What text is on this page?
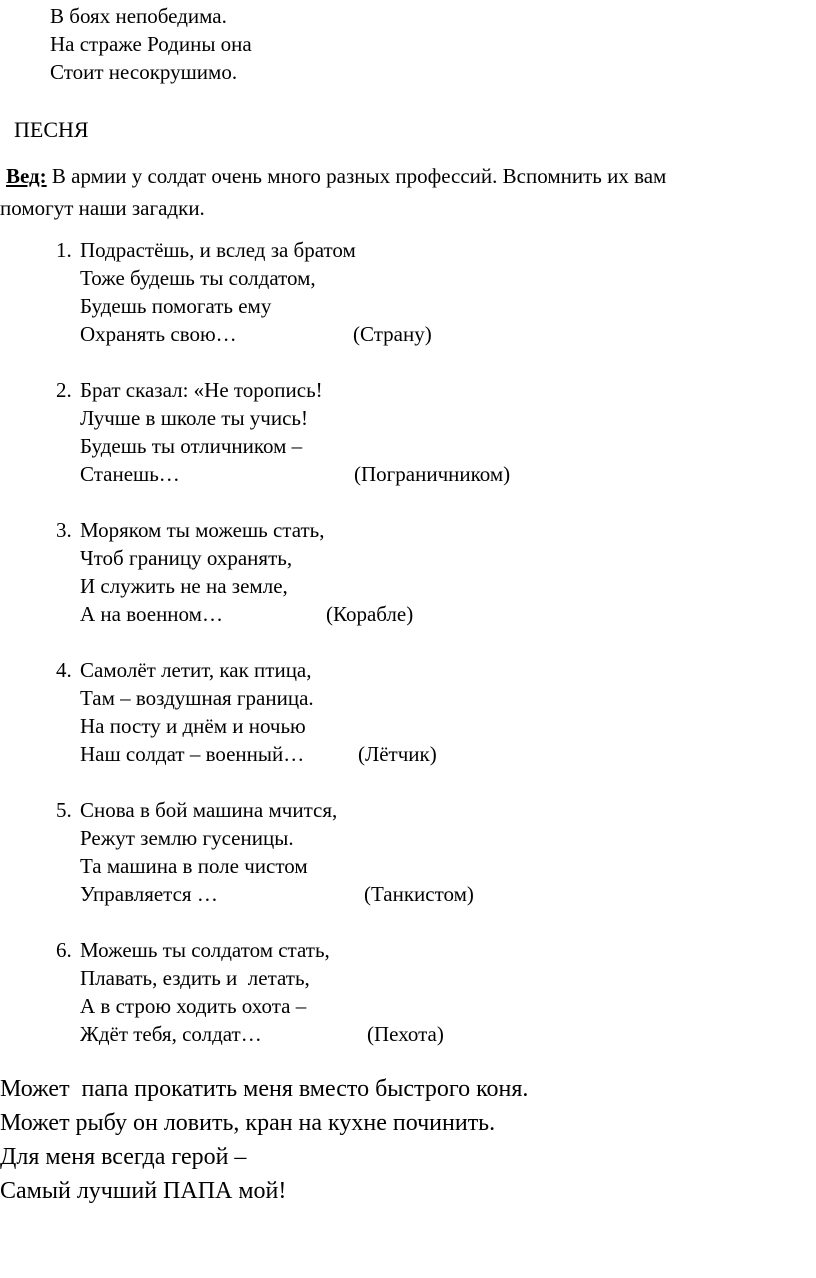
В боях непобедима.
На страже Родины она
Стоит несокрушимо.
ПЕСНЯ
Вед: В армии у солдат очень много разных профессий. Вспомнить их вам
помогут наши загадки.
1. Подрастёшь, и вслед за братом
Тоже будешь ты солдатом,
Будешь помогать ему
Охранять свою…	(Страну)
2. Брат сказал: «Не торопись!
Лучше в школе ты учись!
Будешь ты отличником –
Станешь…	(Пограничником)
3. Моряком ты можешь стать,
Чтоб границу охранять,
И служить не на земле,
А на военном…	(Корабле)
4. Самолёт летит, как птица,
Там – воздушная граница.
На посту и днём и ночью
Наш солдат – военный…	(Лётчик)
5. Снова в бой машина мчится,
Режут землю гусеницы.
Та машина в поле чистом
Управляется …	(Танкистом)
6. Можешь ты солдатом стать,
Плавать, ездить и  летать,
А в строю ходить охота –
Ждёт тебя, солдат…	(Пехота)
Может  папа прокатить меня вместо быстрого коня.
Может рыбу он ловить, кран на кухне починить.
Для меня всегда герой –
Самый лучший ПАПА мой!
